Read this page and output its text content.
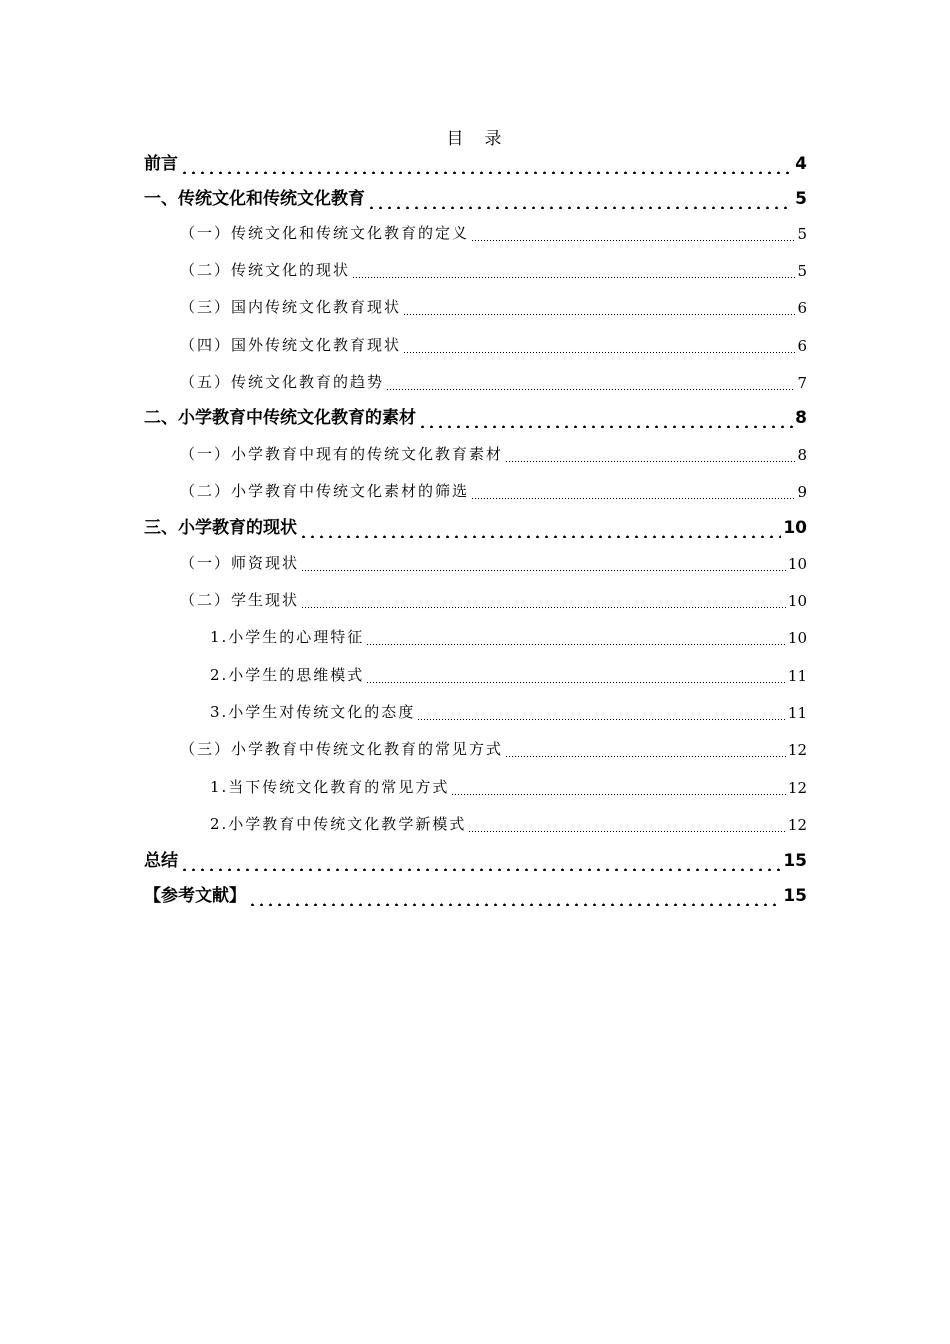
目　录
前言	4
一、传统文化和传统文化教育	5
（一）传统文化和传统文化教育的定义	5
（二）传统文化的现状	5
（三）国内传统文化教育现状	6
（四）国外传统文化教育现状	6
（五）传统文化教育的趋势	7
二、小学教育中传统文化教育的素材	8
（一）小学教育中现有的传统文化教育素材	8
（二）小学教育中传统文化素材的筛选	9
三、小学教育的现状	10
（一）师资现状	10
（二）学生现状	10
1.小学生的心理特征	10
2.小学生的思维模式	11
3.小学生对传统文化的态度	11
（三）小学教育中传统文化教育的常见方式	12
1.当下传统文化教育的常见方式	12
2.小学教育中传统文化教学新模式	12
总结	15
【参考文献】	15
